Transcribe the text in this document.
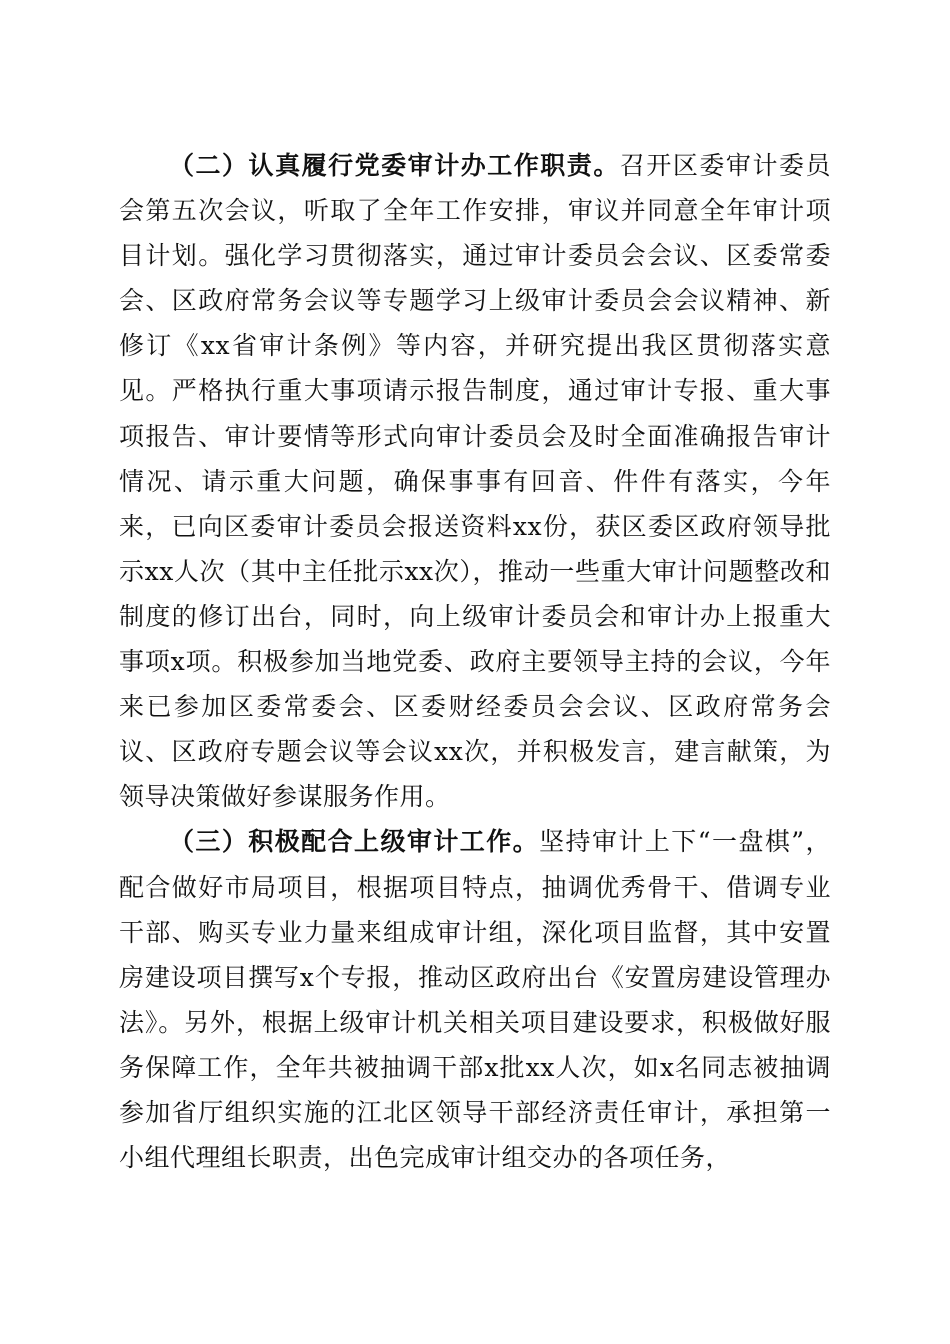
（二）认真履行党委审计办工作职责。召开区委审计委员会第五次会议，听取了全年工作安排，审议并同意全年审计项目计划。强化学习贯彻落实，通过审计委员会会议、区委常委会、区政府常务会议等专题学习上级审计委员会会议精神、新修订《xx省审计条例》等内容，并研究提出我区贯彻落实意见。严格执行重大事项请示报告制度，通过审计专报、重大事项报告、审计要情等形式向审计委员会及时全面准确报告审计情况、请示重大问题，确保事事有回音、件件有落实，今年来，已向区委审计委员会报送资料xx份，获区委区政府领导批示xx人次（其中主任批示xx次），推动一些重大审计问题整改和制度的修订出台，同时，向上级审计委员会和审计办上报重大事项x项。积极参加当地党委、政府主要领导主持的会议，今年来已参加区委常委会、区委财经委员会会议、区政府常务会议、区政府专题会议等会议xx次，并积极发言，建言献策，为领导决策做好参谋服务作用。

（三）积极配合上级审计工作。坚持审计上下“一盘棋”，配合做好市局项目，根据项目特点，抽调优秀骨干、借调专业干部、购买专业力量来组成审计组，深化项目监督，其中安置房建设项目撰写x个专报，推动区政府出台《安置房建设管理办法》。另外，根据上级审计机关相关项目建设要求，积极做好服务保障工作，全年共被抽调干部x批xx人次，如x名同志被抽调参加省厅组织实施的江北区领导干部经济责任审计，承担第一小组代理组长职责，出色完成审计组交办的各项任务，
